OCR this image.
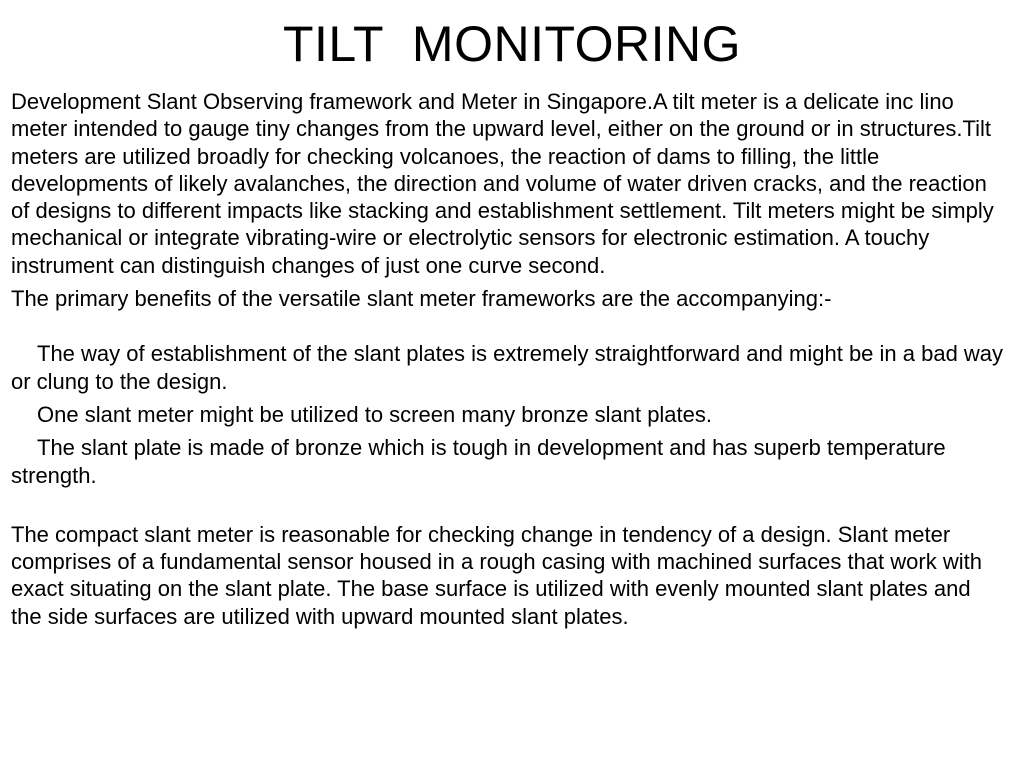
TILT  MONITORING

Development Slant Observing framework and Meter in Singapore.A tilt meter is a delicate inc lino meter intended to gauge tiny changes from the upward level, either on the ground or in structures.Tilt meters are utilized broadly for checking volcanoes, the reaction of dams to filling, the little developments of likely avalanches, the direction and volume of water driven cracks, and the reaction of designs to different impacts like stacking and establishment settlement. Tilt meters might be simply mechanical or integrate vibrating-wire or electrolytic sensors for electronic estimation. A touchy instrument can distinguish changes of just one curve second.

The primary benefits of the versatile slant meter frameworks are the accompanying:-

The way of establishment of the slant plates is extremely straightforward and might be in a bad way or clung to the design.

One slant meter might be utilized to screen many bronze slant plates.

The slant plate is made of bronze which is tough in development and has superb temperature strength.

The compact slant meter is reasonable for checking change in tendency of a design. Slant meter comprises of a fundamental sensor housed in a rough casing with machined surfaces that work with exact situating on the slant plate. The base surface is utilized with evenly mounted slant plates and the side surfaces are utilized with upward mounted slant plates.
